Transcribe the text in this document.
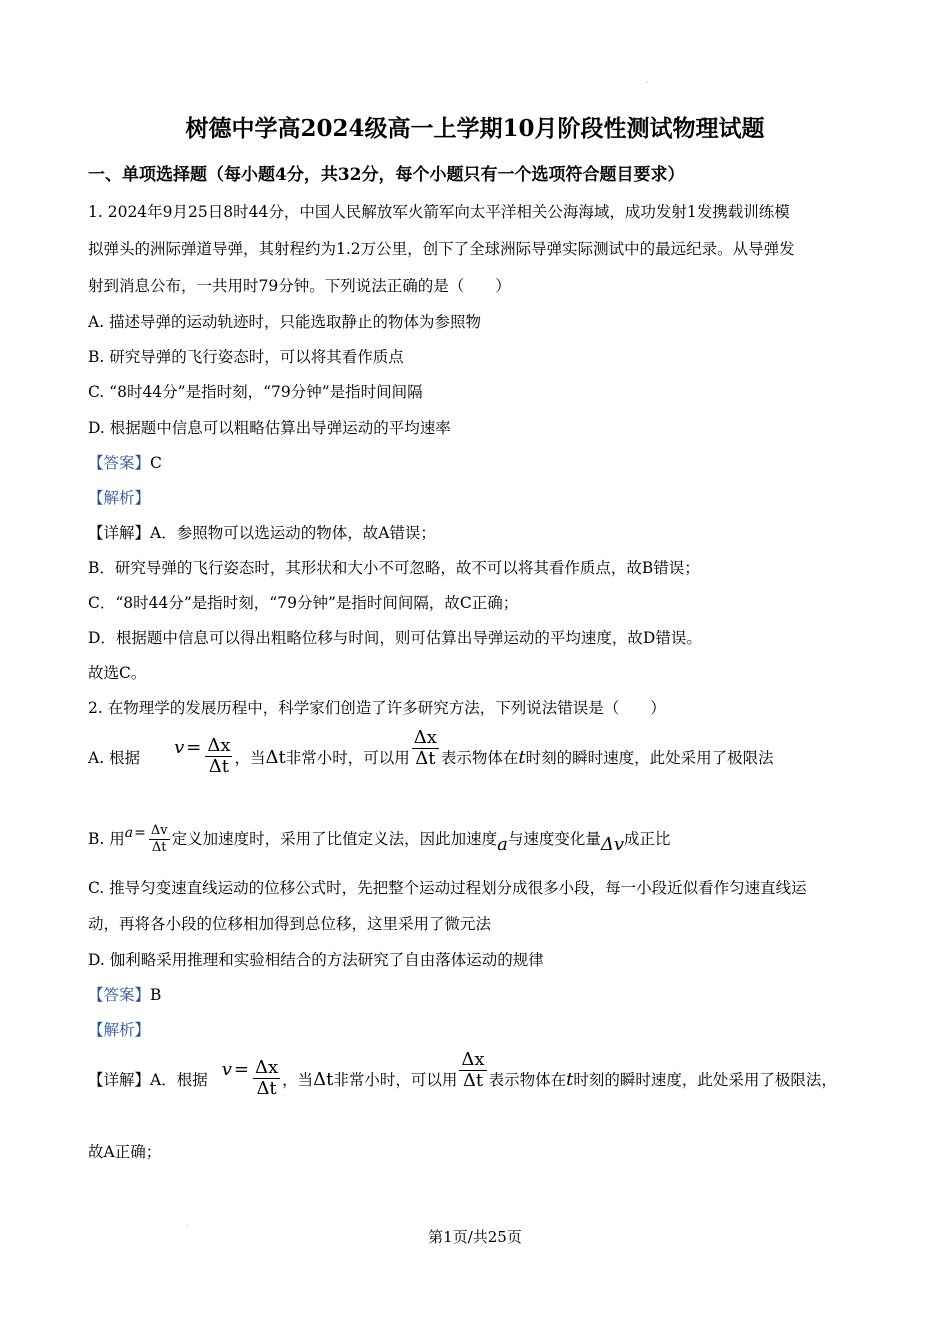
·
树德中学高2024级高一上学期10月阶段性测试物理试题
一、单项选择题（每小题4分，共32分，每个小题只有一个选项符合题目要求）
1. 2024年9月25日8时44分，中国人民解放军火箭军向太平洋相关公海海域，成功发射1发携载训练模
拟弹头的洲际弹道导弹，其射程约为1.2万公里，创下了全球洲际导弹实际测试中的最远纪录。从导弹发
射到消息公布，一共用时79分钟。下列说法正确的是（　　）
A. 描述导弹的运动轨迹时，只能选取静止的物体为参照物
B. 研究导弹的飞行姿态时，可以将其看作质点
C. “8时44分”是指时刻，“79分钟”是指时间间隔
D. 根据题中信息可以粗略估算出导弹运动的平均速率
【答案】C
【解析】
【详解】A．参照物可以选运动的物体，故A错误；
B．研究导弹的飞行姿态时，其形状和大小不可忽略，故不可以将其看作质点，故B错误；
C．“8时44分”是指时刻，“79分钟”是指时间间隔，故C正确；
D．根据题中信息可以得出粗略位移与时间，则可估算出导弹运动的平均速度，故D错误。
故选C。
2. 在物理学的发展历程中，科学家们创造了许多研究方法，下列说法错误是（　　）
A. 根据 $v = \frac{\Delta x}{\Delta t}$ ，当 Δt 非常小时，可以用 $\frac{\Delta x}{\Delta t}$ 表示物体在 t 时刻的瞬时速度，此处采用了极限法
B. 用 $a = \frac{\Delta v}{\Delta t}$ 定义加速度时，采用了比值定义法，因此加速度 a 与速度变化量 Δv 成正比
C. 推导匀变速直线运动的位移公式时，先把整个运动过程划分成很多小段，每一小段近似看作匀速直线运
动，再将各小段的位移相加得到总位移，这里采用了微元法
D. 伽利略采用推理和实验相结合的方法研究了自由落体运动的规律
【答案】B
【解析】
【详解】 A．根据 $v = \frac{\Delta x}{\Delta t}$ ，当 Δt 非常小时，可以用 $\frac{\Delta x}{\Delta t}$ 表示物体在 t 时刻的瞬时速度，此处采用了极限法，
故A正确；
·
第1页/共25页
